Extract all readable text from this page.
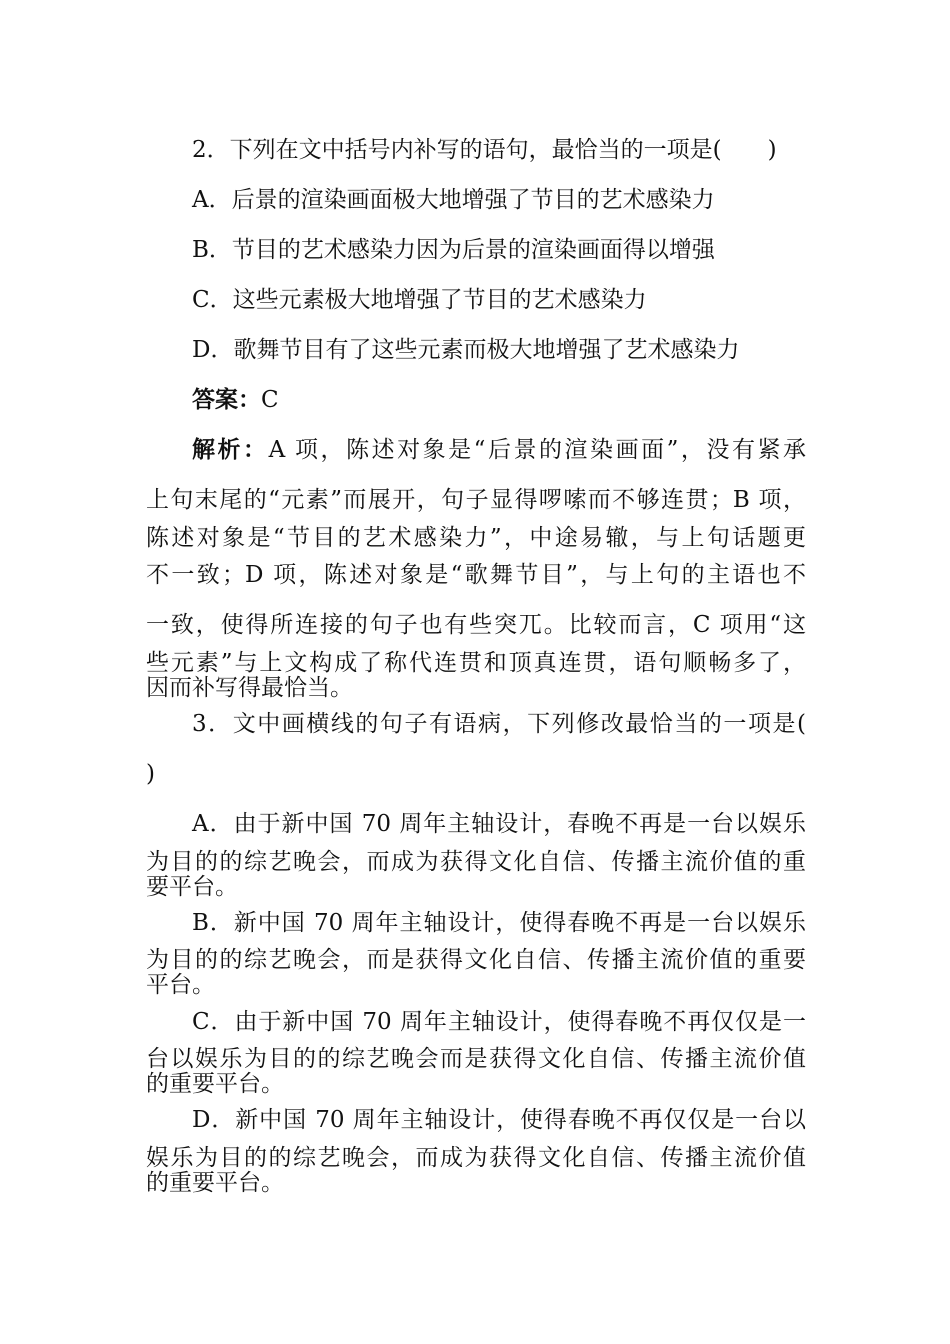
2．下列在文中括号内补写的语句，最恰当的一项是(　　)
A．后景的渲染画面极大地增强了节目的艺术感染力
B．节目的艺术感染力因为后景的渲染画面得以增强
C．这些元素极大地增强了节目的艺术感染力
D．歌舞节目有了这些元素而极大地增强了艺术感染力
答案：C
解析：A 项，陈述对象是“后景的渲染画面”，没有紧承
上句末尾的“元素”而展开，句子显得啰嗦而不够连贯；B 项，
陈述对象是“节目的艺术感染力”，中途易辙，与上句话题更
不一致；D 项，陈述对象是“歌舞节目”，与上句的主语也不
一致，使得所连接的句子也有些突兀。比较而言，C 项用“这
些元素”与上文构成了称代连贯和顶真连贯，语句顺畅多了，
因而补写得最恰当。
3．文中画横线的句子有语病，下列修改最恰当的一项是(
)
A．由于新中国 70 周年主轴设计，春晚不再是一台以娱乐
为目的的综艺晚会，而成为获得文化自信、传播主流价值的重
要平台。
B．新中国 70 周年主轴设计，使得春晚不再是一台以娱乐
为目的的综艺晚会，而是获得文化自信、传播主流价值的重要
平台。
C．由于新中国 70 周年主轴设计，使得春晚不再仅仅是一
台以娱乐为目的的综艺晚会而是获得文化自信、传播主流价值
的重要平台。
D．新中国 70 周年主轴设计，使得春晚不再仅仅是一台以
娱乐为目的的综艺晚会，而成为获得文化自信、传播主流价值
的重要平台。
